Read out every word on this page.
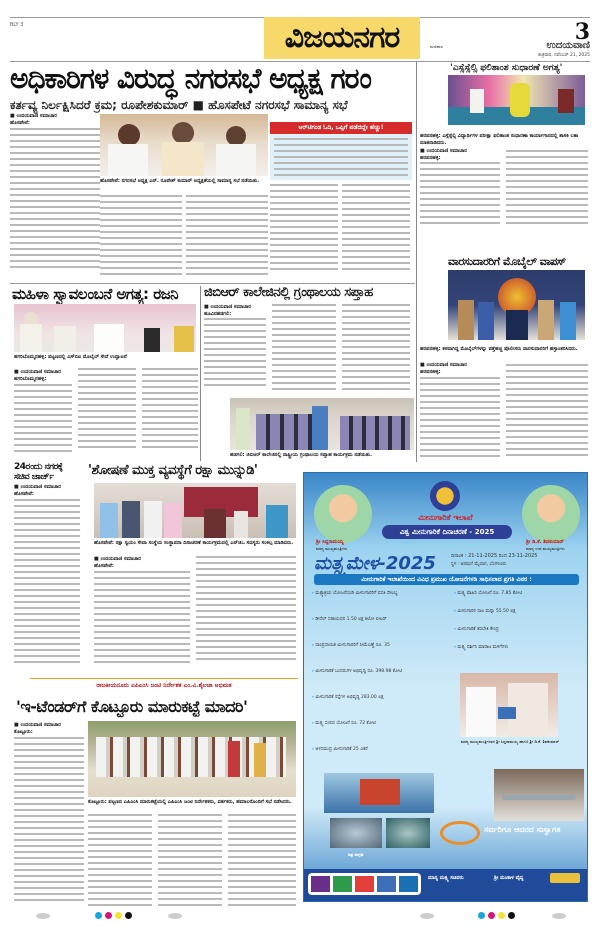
BLY 3	ವಿಜಯನಗರ	3
ಮಣಿಪಾಲ	ಉದಯವಾಣಿ
ಶುಕ್ರವಾರ, ನವೆಂಬರ್ 21, 2025
ಅಧಿಕಾರಿಗಳ ವಿರುದ್ಧ ನಗರಸಭೆ ಅಧ್ಯಕ್ಷ ಗರಂ
ಕರ್ತವ್ಯ ನಿರ್ಲಕ್ಷಿಸಿದರೆ ಕ್ರಮ; ರೂಪೇಶಕುಮಾರ್ ■ ಹೊಸಪೇಟೆ ನಗರಸಭೆ ಸಾಮಾನ್ಯ ಸಭೆ
■ ಉದಯವಾಣಿ ಸಮಾಚಾರ
ಹೊಸಪೇಟೆ:
ಹೊಸಪೇಟೆ: ನಗರಸಭೆ ಅಧ್ಯಕ್ಷ ಎನ್. ರೂಪೇಶ್ ಕುಮಾರ್ ಅಧ್ಯಕ್ಷತೆಯಲ್ಲಿ ಸಾಮಾನ್ಯ ಸಭೆ ನಡೆಯಿತು.
ಆರ್‌ಟಿಗಂಡ ಓದಿ, ಒಪ್ಪಿಗೆ ಪಡೆದದ್ದೇ ಹೆಚ್ಚು!
'ಎಸ್ಸೆಸ್ಸೆಲ್ಸಿ ಫಲಿತಾಂಶ ಸುಧಾರಣೆ ಅಗತ್ಯ'
ಹರಪನಹಳ್ಳಿ: ಎಸ್ಸೆಸ್ಸೆಲ್ಸಿ ವಿದ್ಯಾರ್ಥಿಗಳ ಪರೀಕ್ಷಾ ಫಲಿತಾಂಶ ಸುಧಾರಣಾ ಕಾರ್ಯಾಗಾರದಲ್ಲಿ ಶಾಸಕಿ ಲತಾ ಮಾತನಾಡಿದರು.
■ ಉದಯವಾಣಿ ಸಮಾಚಾರ
ಹರಪನಹಳ್ಳಿ:
ವಾರಸುದಾರರಿಗೆ ಮೊಬೈಲ್ ವಾಪಸ್
ಹರಪನಹಳ್ಳಿ: ಕಳವಾಗಿದ್ದ ಮೊಬೈಲ್‌ಗಳನ್ನು ಪತ್ತೆಹಚ್ಚಿ ಪೊಲೀಸರು ವಾರಸುದಾರರಿಗೆ ಹಸ್ತಾಂತರಿಸಿದರು.
■ ಉದಯವಾಣಿ ಸಮಾಚಾರ
ಹರಪನಹಳ್ಳಿ:
ಮಹಿಳಾ ಸ್ವಾವಲಂಬನೆ ಅಗತ್ಯ: ರಜನಿ
ಹಗರಿಬೊಮ್ಮನಹಳ್ಳಿ: ಪಟ್ಟಣದಲ್ಲಿ ಎಸ್‌ಬಿಐ ಮೊಬೈಲ್ ಸೇವೆ ಉದ್ಘಾಟನೆ
■ ಉದಯವಾಣಿ ಸಮಾಚಾರ
ಹಗರಿಬೊಮ್ಮನಹಳ್ಳಿ:
ಜಿಬಿಆರ್ ಕಾಲೇಜಿನಲ್ಲಿ ಗ್ರಂಥಾಲಯ ಸಪ್ತಾಹ
■ ಉದಯವಾಣಿ ಸಮಾಚಾರ
ಹೂವಿನಹಡಗಲಿ:
ಹಡಗಲಿ: ಜಿಬಿಆರ್ ಕಾಲೇಜಿನಲ್ಲಿ ರಾಷ್ಟ್ರೀಯ ಗ್ರಂಥಾಲಯ ಸಪ್ತಾಹ ಕಾರ್ಯಕ್ರಮ ನಡೆಯಿತು.
24ರಂದು ನಗರಕ್ಕೆ ಸಚಿವ ಜಾರ್ಜ್
■ ಉದಯವಾಣಿ ಸಮಾಚಾರ
ಹೊಸಪೇಟೆ:
'ಶೋಷಣೆ ಮುಕ್ತ ವ್ಯವಸ್ಥೆಗೆ ರಕ್ಷಾ ಮುನ್ನುಡಿ'
ಹೊಸಪೇಟೆ: ರಕ್ಷಾ ಸ್ವಯಂ ಸೇವಾ ಸಂಸ್ಥೆಯ ಸಂಸ್ಥಾಪನಾ ದಿನಾಚರಣೆ ಕಾರ್ಯಕ್ರಮದಲ್ಲಿ ಎನ್‌ಜಿಒ ಸದಸ್ಯರು ಸಂಕಲ್ಪ ಮಾಡಿದರು.
■ ಉದಯವಾಣಿ ಸಮಾಚಾರ
ಹೊಸಪೇಟೆ:
ರಾಜಕೀಯನೂರು ಎಪಿಎಂಸಿ ಜಂಟಿ ನಿರ್ದೇಶಕ ಎಂ.ವಿ.ಶೈಲಜಾ ಅಭಿಮತ
'ಇ-ಟೆಂಡರ್‌ಗೆ ಕೊಟ್ಟೂರು ಮಾರುಕಟ್ಟೆ ಮಾದರಿ'
■ ಉದಯವಾಣಿ ಸಮಾಚಾರ
ಕೊಟ್ಟೂರು:
ಕೊಟ್ಟೂರು: ಪಟ್ಟಣದ ಎಪಿಎಂಸಿ ಮಾರುಕಟ್ಟೆಯಲ್ಲಿ ಎಪಿಎಂಸಿ ಜಂಟಿ ನಿರ್ದೇಶಕರು, ವರ್ತಕರು, ಹಮಾಲರೊಂದಿಗೆ ಸಭೆ ನಡೆಸಿದರು.
ಮೀನುಗಾರಿಕೆ ಇಲಾಖೆ
ವಿಶ್ವ ಮೀನುಗಾರಿಕೆ ದಿನಾಚರಣೆ - 2025
ಶ್ರೀ ಸಿದ್ದರಾಮಯ್ಯ
ಮಾನ್ಯ ಮುಖ್ಯಮಂತ್ರಿಗಳು
ಶ್ರೀ ಡಿ.ಕೆ. ಶಿವಕುಮಾರ್
ಮಾನ್ಯ ಉಪ ಮುಖ್ಯಮಂತ್ರಿಗಳು
ಮತ್ಸ್ಯಮೇಳ-2025	ದಿನಾಂಕ : 21-11-2025 ರಿಂದ 23-11-2025
ಸ್ಥಳ : ಅರಮನೆ ಮೈದಾನ, ಬೆಂಗಳೂರು
ಮೀನುಗಾರಿಕೆ ಇಲಾಖೆಯಿಂದ ವಿವಿಧ ಪ್ರಮುಖ ಯೋಜನೆಗಳಡಿ ಸಾಧಿಸಲಾದ ಪ್ರಗತಿ ವಿವರ :
› ಮತ್ಸ್ಯಾಶ್ರಯ ಯೋಜನೆಯಡಿ ಮೀನುಗಾರರಿಗೆ ವಸತಿ ಸೌಲಭ್ಯ
› ಡೀಸೆಲ್ ಸಹಾಯಧನ 1.50 ಲಕ್ಷ ಕಿಲೋ ಲೀಟರ್
› ಸಾಂಪ್ರದಾಯಿಕ ಮೀನುಗಾರರಿಗೆ ಸೀಮೆಎಣ್ಣೆ ರೂ. 35
› ಮೀನುಗಾರಿಕೆ ಬಂದರುಗಳ ಅಭಿವೃದ್ಧಿ ರೂ. 398.98 ಕೋಟಿ
› ಮೀನುಗಾರಿಕೆ ರಸ್ತೆಗಳ ಅಭಿವೃದ್ಧಿ 283.00 ಲಕ್ಷ
› ಮತ್ಸ್ಯ ಸಂಪದ ಯೋಜನೆ ರೂ. 72 ಕೋಟಿ
› ಆಳಸಮುದ್ರ ಮೀನುಗಾರಿಕೆ 25 ಎಕರೆ
› ಮತ್ಸ್ಯ ವಾಹಿನಿ ಯೋಜನೆ ರೂ. 7.85 ಕೋಟಿ
› ಮೀನುಗಾರರ ಸಾಲ ಮನ್ನಾ 55.50 ಲಕ್ಷ
› ಮೀನುಗಾರಿಕೆ ತರಬೇತಿ ಕೇಂದ್ರ
› ಮತ್ಸ್ಯ ದರ್ಶಿನಿ ಮಾರಾಟ ಮಳಿಗೆಗಳು
ಮಾನ್ಯ ಮುಖ್ಯಮಂತ್ರಿಗಳಾದ ಶ್ರೀ ಸಿದ್ದರಾಮಯ್ಯ ಹಾಗೂ ಶ್ರೀ ಡಿ.ಕೆ. ಶಿವಕುಮಾರ್
ಚಿತ್ರ ಸಂಗ್ರಹ
ಸರ್ವರಿಗೂ ಆದರದ ಸುಸ್ವಾಗತ
ಮಾನ್ಯ ಮತ್ಸ್ಯ ಸಚಿವರು	ಶ್ರೀ ಮಂಕಾಳ ವೈದ್ಯ
